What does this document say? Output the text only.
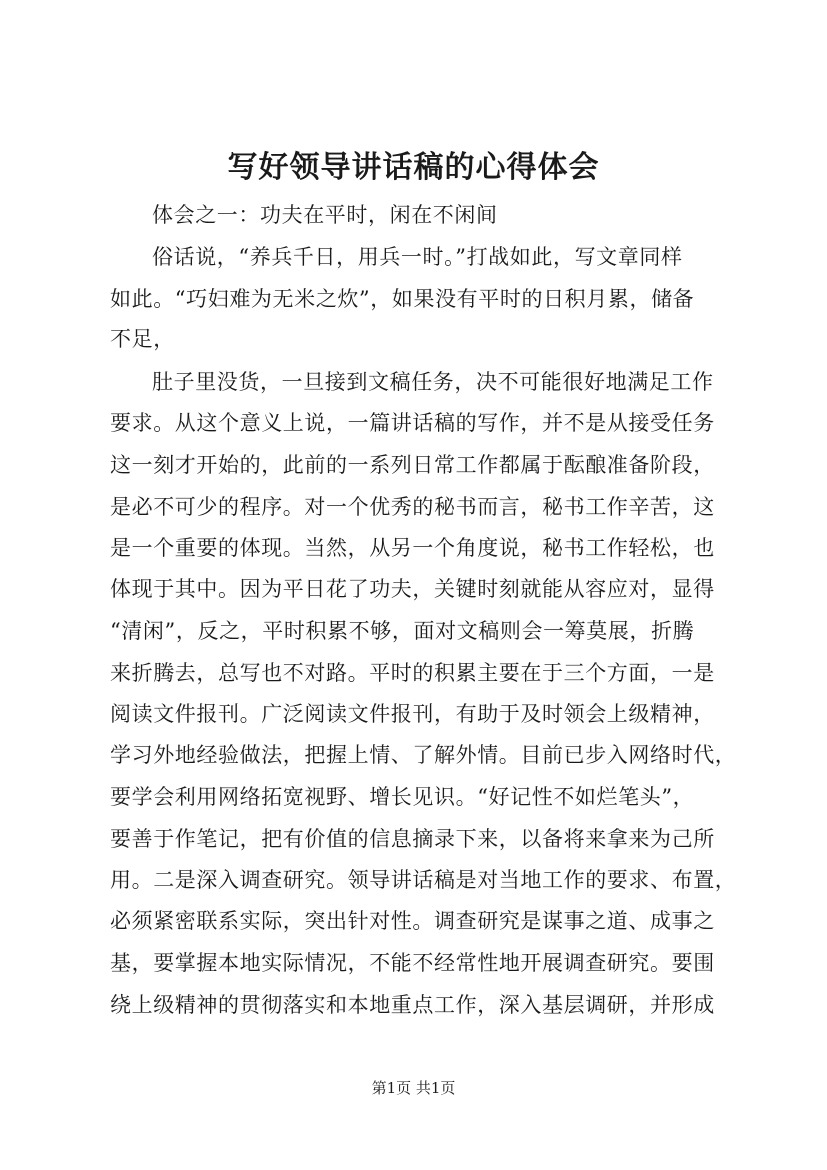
写好领导讲话稿的心得体会

体会之一：功夫在平时，闲在不闲间

俗话说，“养兵千日，用兵一时。”打战如此，写文章同样

如此。“巧妇难为无米之炊”，如果没有平时的日积月累，储备

不足，

肚子里没货，一旦接到文稿任务，决不可能很好地满足工作

要求。从这个意义上说，一篇讲话稿的写作，并不是从接受任务

这一刻才开始的，此前的一系列日常工作都属于酝酿准备阶段，

是必不可少的程序。对一个优秀的秘书而言，秘书工作辛苦，这

是一个重要的体现。当然，从另一个角度说，秘书工作轻松，也

体现于其中。因为平日花了功夫，关键时刻就能从容应对，显得

“清闲”，反之，平时积累不够，面对文稿则会一筹莫展，折腾

来折腾去，总写也不对路。平时的积累主要在于三个方面，一是

阅读文件报刊。广泛阅读文件报刊，有助于及时领会上级精神，

学习外地经验做法，把握上情、了解外情。目前已步入网络时代，

要学会利用网络拓宽视野、增长见识。“好记性不如烂笔头”，

要善于作笔记，把有价值的信息摘录下来，以备将来拿来为己所

用。二是深入调查研究。领导讲话稿是对当地工作的要求、布置，

必须紧密联系实际，突出针对性。调查研究是谋事之道、成事之

基，要掌握本地实际情况，不能不经常性地开展调查研究。要围

绕上级精神的贯彻落实和本地重点工作，深入基层调研，并形成

第1页 共1页
